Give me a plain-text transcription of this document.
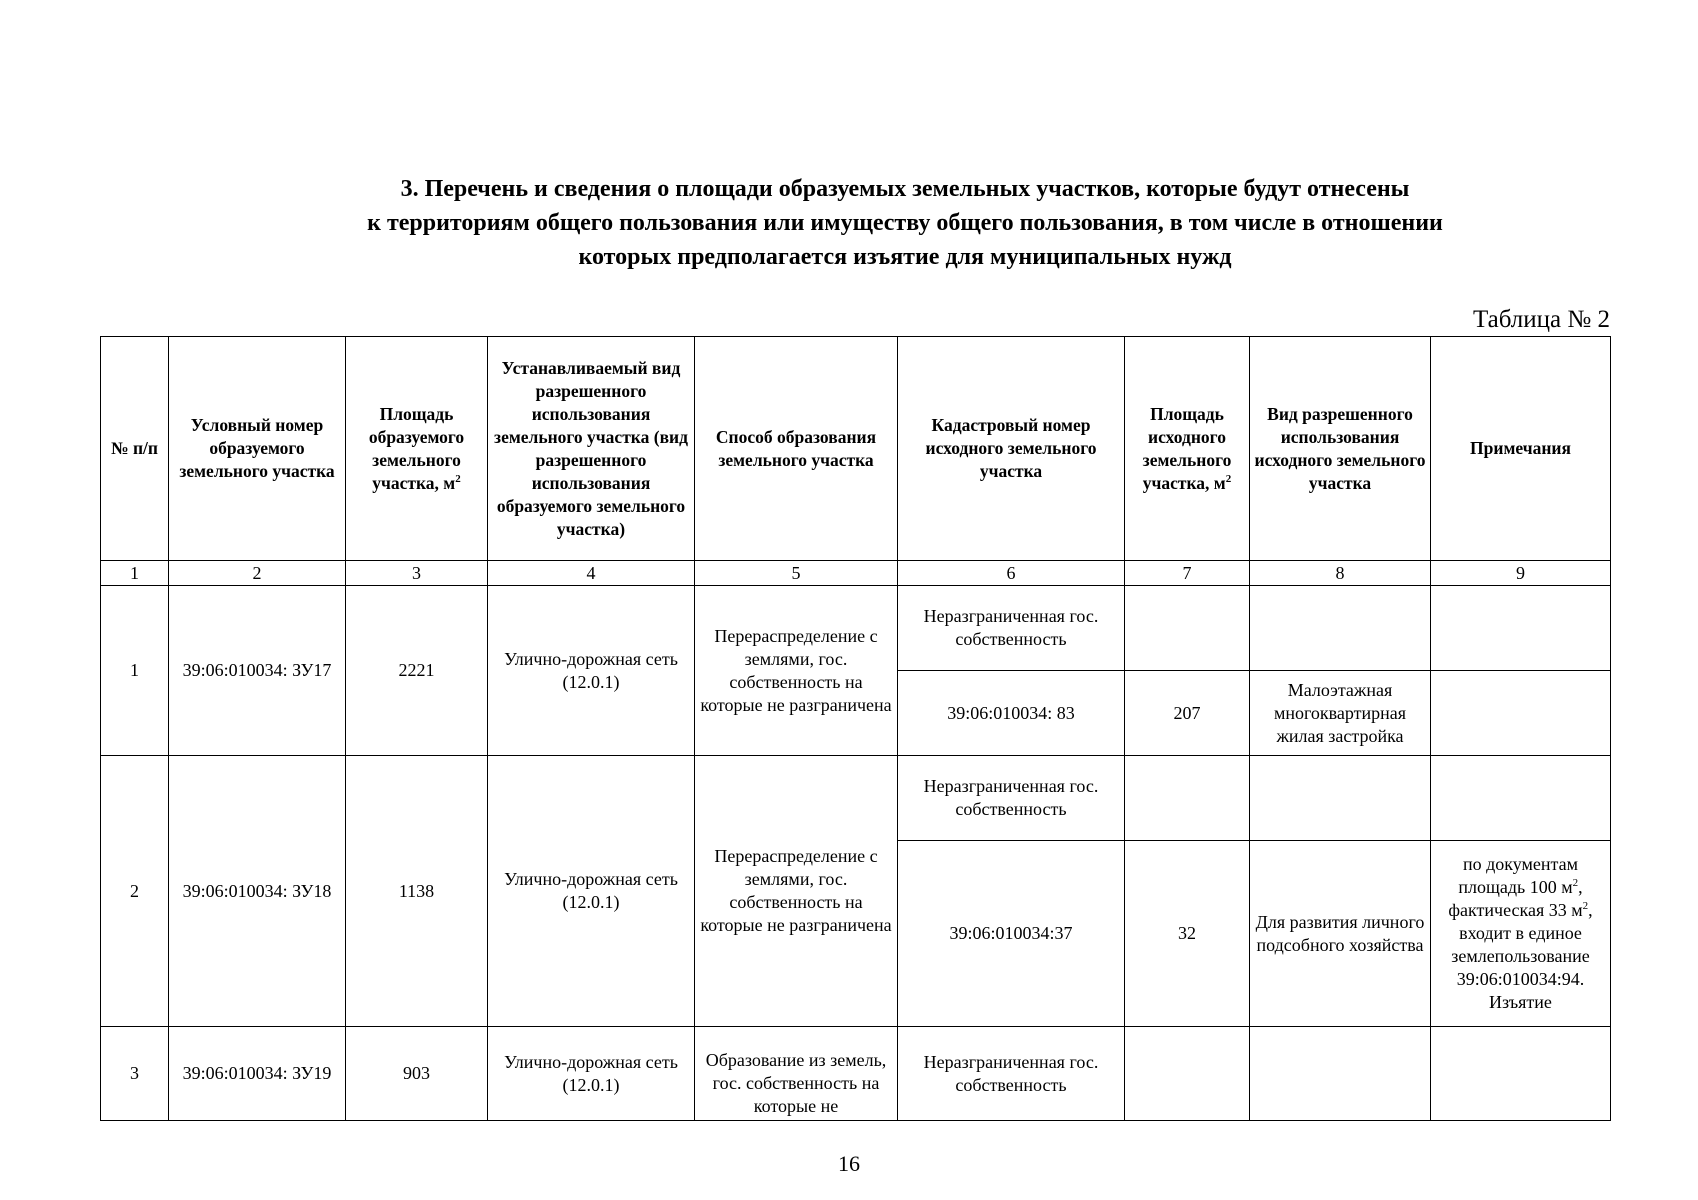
3. Перечень и сведения о площади образуемых земельных участков, которые будут отнесены
к территориям общего пользования или имуществу общего пользования, в том числе в отношении
которых предполагается изъятие для муниципальных нужд
Таблица № 2
№ п/п	Условный номер образуемого земельного участка	Площадь образуемого земельного участка, $м^2$	Устанавливаемый вид разрешенного использования земельного участка (вид разрешенного использования образуемого земельного участка)	Способ образования земельного участка	Кадастровый номер исходного земельного участка	Площадь исходного земельного участка, $м^2$	Вид разрешенного использования исходного земельного участка	Примечания
1	2	3	4	5	6	7	8	9
1	39:06:010034: ЗУ17	2221	Улично-дорожная сеть (12.0.1)	Перераспределение с землями, гос. собственность на которые не разграничена	Неразграниченная гос. собственность			
					39:06:010034: 83	207	Малоэтажная многоквартирная жилая застройка	
2	39:06:010034: ЗУ18	1138	Улично-дорожная сеть (12.0.1)	Перераспределение с землями, гос. собственность на которые не разграничена	Неразграниченная гос. собственность			
					39:06:010034:37	32	Для развития личного подсобного хозяйства	по документам площадь 100 $м^2$, фактическая 33 $м^2$, входит в единое землепользование 39:06:010034:94. Изъятие
3	39:06:010034: ЗУ19	903	Улично-дорожная сеть (12.0.1)	Образование из земель, гос. собственность на которые не	Неразграниченная гос. собственность			
16
